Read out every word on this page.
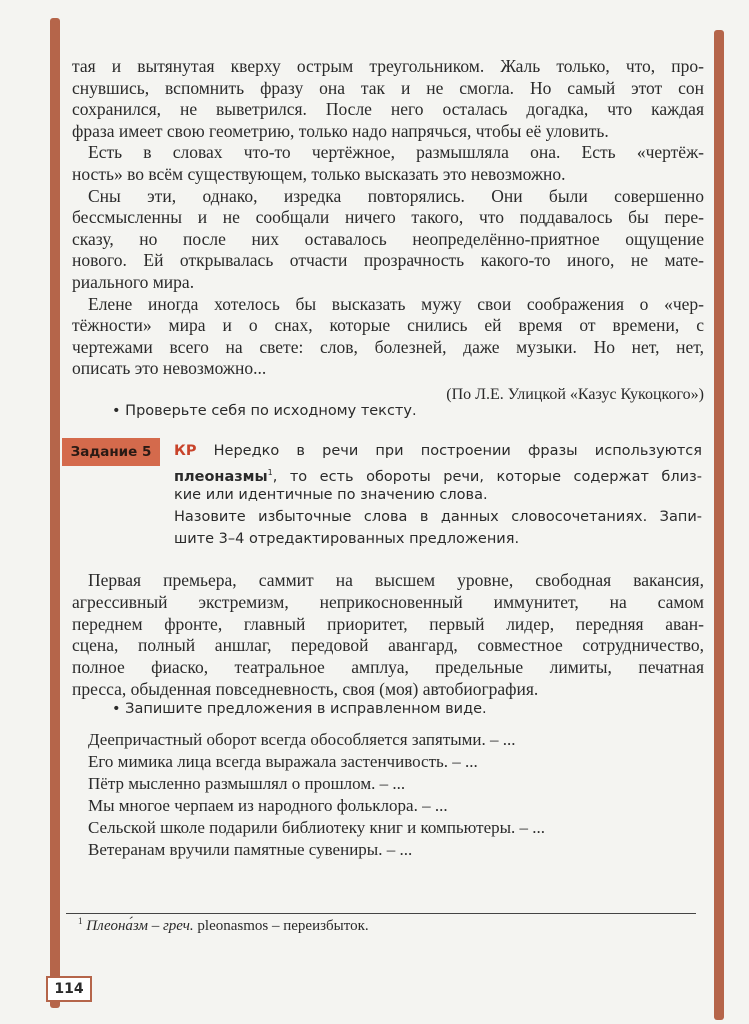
тая и вытянутая кверху острым треугольником. Жаль только, что, про-
снувшись, вспомнить фразу она так и не смогла. Но самый этот сон
сохранился, не выветрился. После него осталась догадка, что каждая
фраза имеет свою геометрию, только надо напрячься, чтобы её уловить.
Есть в словах что-то чертёжное, размышляла она. Есть «чертёж-
ность» во всём существующем, только высказать это невозможно.
Сны эти, однако, изредка повторялись. Они были совершенно
бессмысленны и не сообщали ничего такого, что поддавалось бы пере-
сказу, но после них оставалось неопределённо-приятное ощущение
нового. Ей открывалась отчасти прозрачность какого-то иного, не мате-
риального мира.
Елене иногда хотелось бы высказать мужу свои соображения о «чер-
тёжности» мира и о снах, которые снились ей время от времени, с
чертежами всего на свете: слов, болезней, даже музыки. Но нет, нет,
описать это невозможно...
(По Л.Е. Улицкой «Казус Кукоцкого»)
• Проверьте себя по исходному тексту.
Задание 5	КР Нередко в речи при построении фразы используются
плеоназмы$^1$, то есть обороты речи, которые содержат близ-
кие или идентичные по значению слова.
Назовите избыточные слова в данных словосочетаниях. Запи-
шите 3–4 отредактированных предложения.
Первая премьера, саммит на высшем уровне, свободная вакансия,
агрессивный экстремизм, неприкосновенный иммунитет, на самом
переднем фронте, главный приоритет, первый лидер, передняя аван-
сцена, полный аншлаг, передовой авангард, совместное сотрудничество,
полное фиаско, театральное амплуа, предельные лимиты, печатная
пресса, обыденная повседневность, своя (моя) автобиография.
• Запишите предложения в исправленном виде.
Деепричастный оборот всегда обособляется запятыми. – ...
Его мимика лица всегда выражала застенчивость. – ...
Пётр мысленно размышлял о прошлом. – ...
Мы многое черпаем из народного фольклора. – ...
Сельской школе подарили библиотеку книг и компьютеры. – ...
Ветеранам вручили памятные сувениры. – ...
$^1$ Плеона́зм – греч. pleonasmos – переизбыток.
114
